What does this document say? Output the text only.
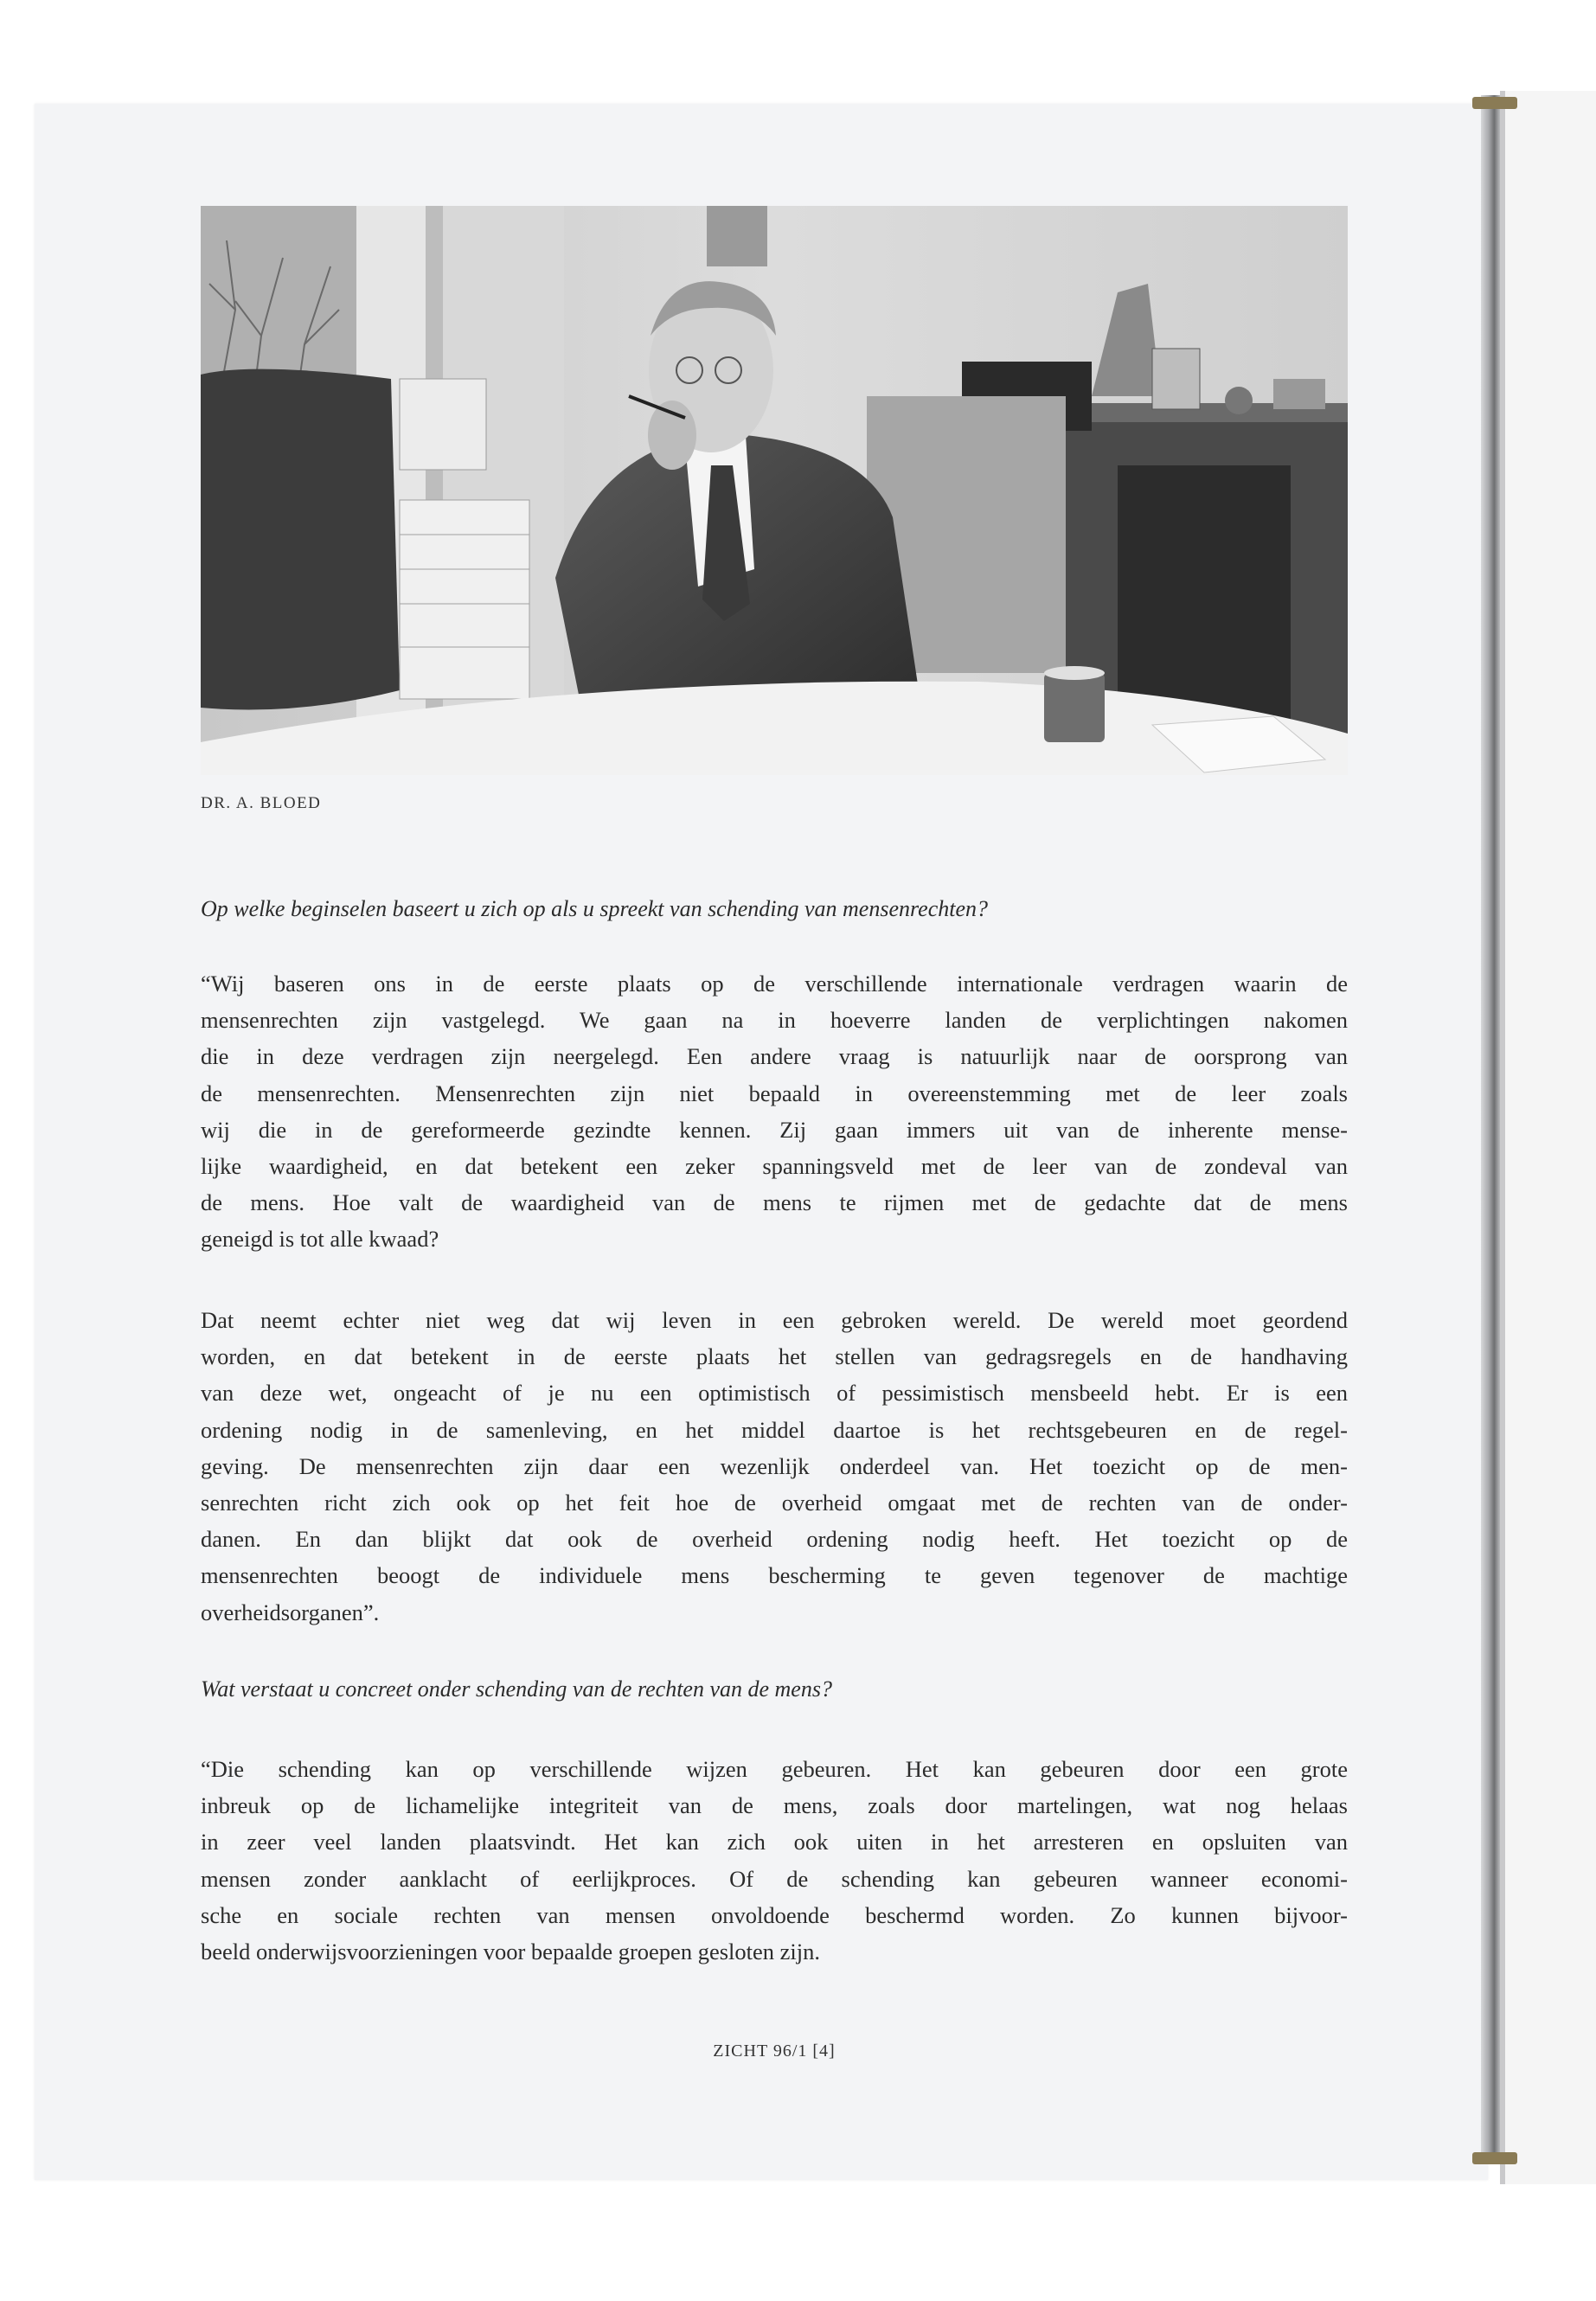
DR. A. BLOED
Op welke beginselen baseert u zich op als u spreekt van schending van mensenrechten?
“Wij baseren ons in de eerste plaats op de verschillende internationale verdragen waarin de
mensenrechten zijn vastgelegd. We gaan na in hoeverre landen de verplichtingen nakomen
die in deze verdragen zijn neergelegd. Een andere vraag is natuurlijk naar de oorsprong van
de mensenrechten. Mensenrechten zijn niet bepaald in overeenstemming met de leer zoals
wij die in de gereformeerde gezindte kennen. Zij gaan immers uit van de inherente mense-
lijke waardigheid, en dat betekent een zeker spanningsveld met de leer van de zondeval van
de mens. Hoe valt de waardigheid van de mens te rijmen met de gedachte dat de mens
geneigd is tot alle kwaad?
Dat neemt echter niet weg dat wij leven in een gebroken wereld. De wereld moet geordend
worden, en dat betekent in de eerste plaats het stellen van gedragsregels en de handhaving
van deze wet, ongeacht of je nu een optimistisch of pessimistisch mensbeeld hebt. Er is een
ordening nodig in de samenleving, en het middel daartoe is het rechtsgebeuren en de regel-
geving. De mensenrechten zijn daar een wezenlijk onderdeel van. Het toezicht op de men-
senrechten richt zich ook op het feit hoe de overheid omgaat met de rechten van de onder-
danen. En dan blijkt dat ook de overheid ordening nodig heeft. Het toezicht op de
mensenrechten beoogt de individuele mens bescherming te geven tegenover de machtige
overheidsorganen”.
Wat verstaat u concreet onder schending van de rechten van de mens?
“Die schending kan op verschillende wijzen gebeuren. Het kan gebeuren door een grote
inbreuk op de lichamelijke integriteit van de mens, zoals door martelingen, wat nog helaas
in zeer veel landen plaatsvindt. Het kan zich ook uiten in het arresteren en opsluiten van
mensen zonder aanklacht of eerlijkproces. Of de schending kan gebeuren wanneer economi-
sche en sociale rechten van mensen onvoldoende beschermd worden. Zo kunnen bijvoor-
beeld onderwijsvoorzieningen voor bepaalde groepen gesloten zijn.
ZICHT 96/1 [4]
